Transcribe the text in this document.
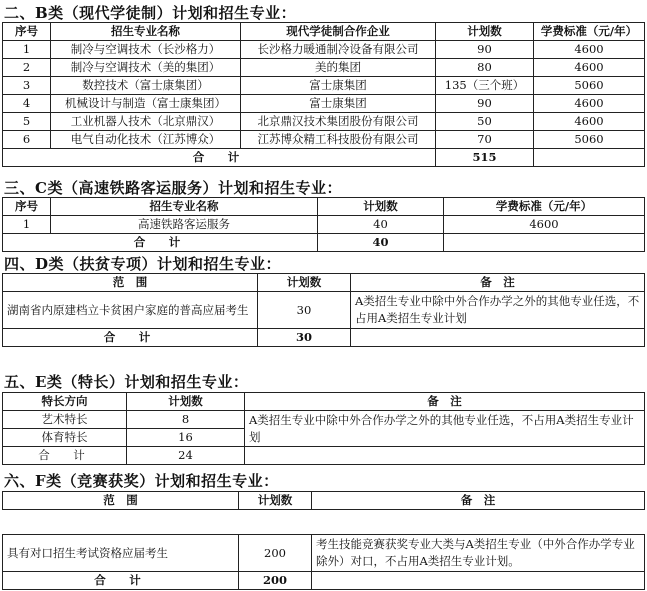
二、B类（现代学徒制）计划和招生专业：
序号	招生专业名称	现代学徒制合作企业	计划数	学费标准（元/年）
1	制冷与空调技术（长沙格力）	长沙格力暖通制冷设备有限公司	90	4600
2	制冷与空调技术（美的集团）	美的集团	80	4600
3	数控技术（富士康集团）	富士康集团	135（三个班）	5060
4	机械设计与制造（富士康集团）	富士康集团	90	4600
5	工业机器人技术（北京鼎汉）	北京鼎汉技术集团股份有限公司	50	4600
6	电气自动化技术（江苏博众）	江苏博众精工科技股份有限公司	70	5060
合　计			515	
三、C类（高速铁路客运服务）计划和招生专业：
序号	招生专业名称	计划数	学费标准（元/年）
1	高速铁路客运服务	40	4600
合　计		40	
四、D类（扶贫专项）计划和招生专业：
范　围	计划数	备　注
湖南省内原建档立卡贫困户家庭的普高应届考生	30	A类招生专业中除中外合作办学之外的其他专业任选，不占用A类招生专业计划
合　计	30	
五、E类（特长）计划和招生专业：
特长方向	计划数	备　注
艺术特长	8	A类招生专业中除中外合作办学之外的其他专业任选，不占用A类招生专业计划
体育特长	16	
合　计	24	
六、F类（竞赛获奖）计划和招生专业：
范　围	计划数	备　注
具有对口招生考试资格应届考生	200	考生技能竞赛获奖专业大类与A类招生专业（中外合作办学专业除外）对口，不占用A类招生专业计划。
合　计	200	
